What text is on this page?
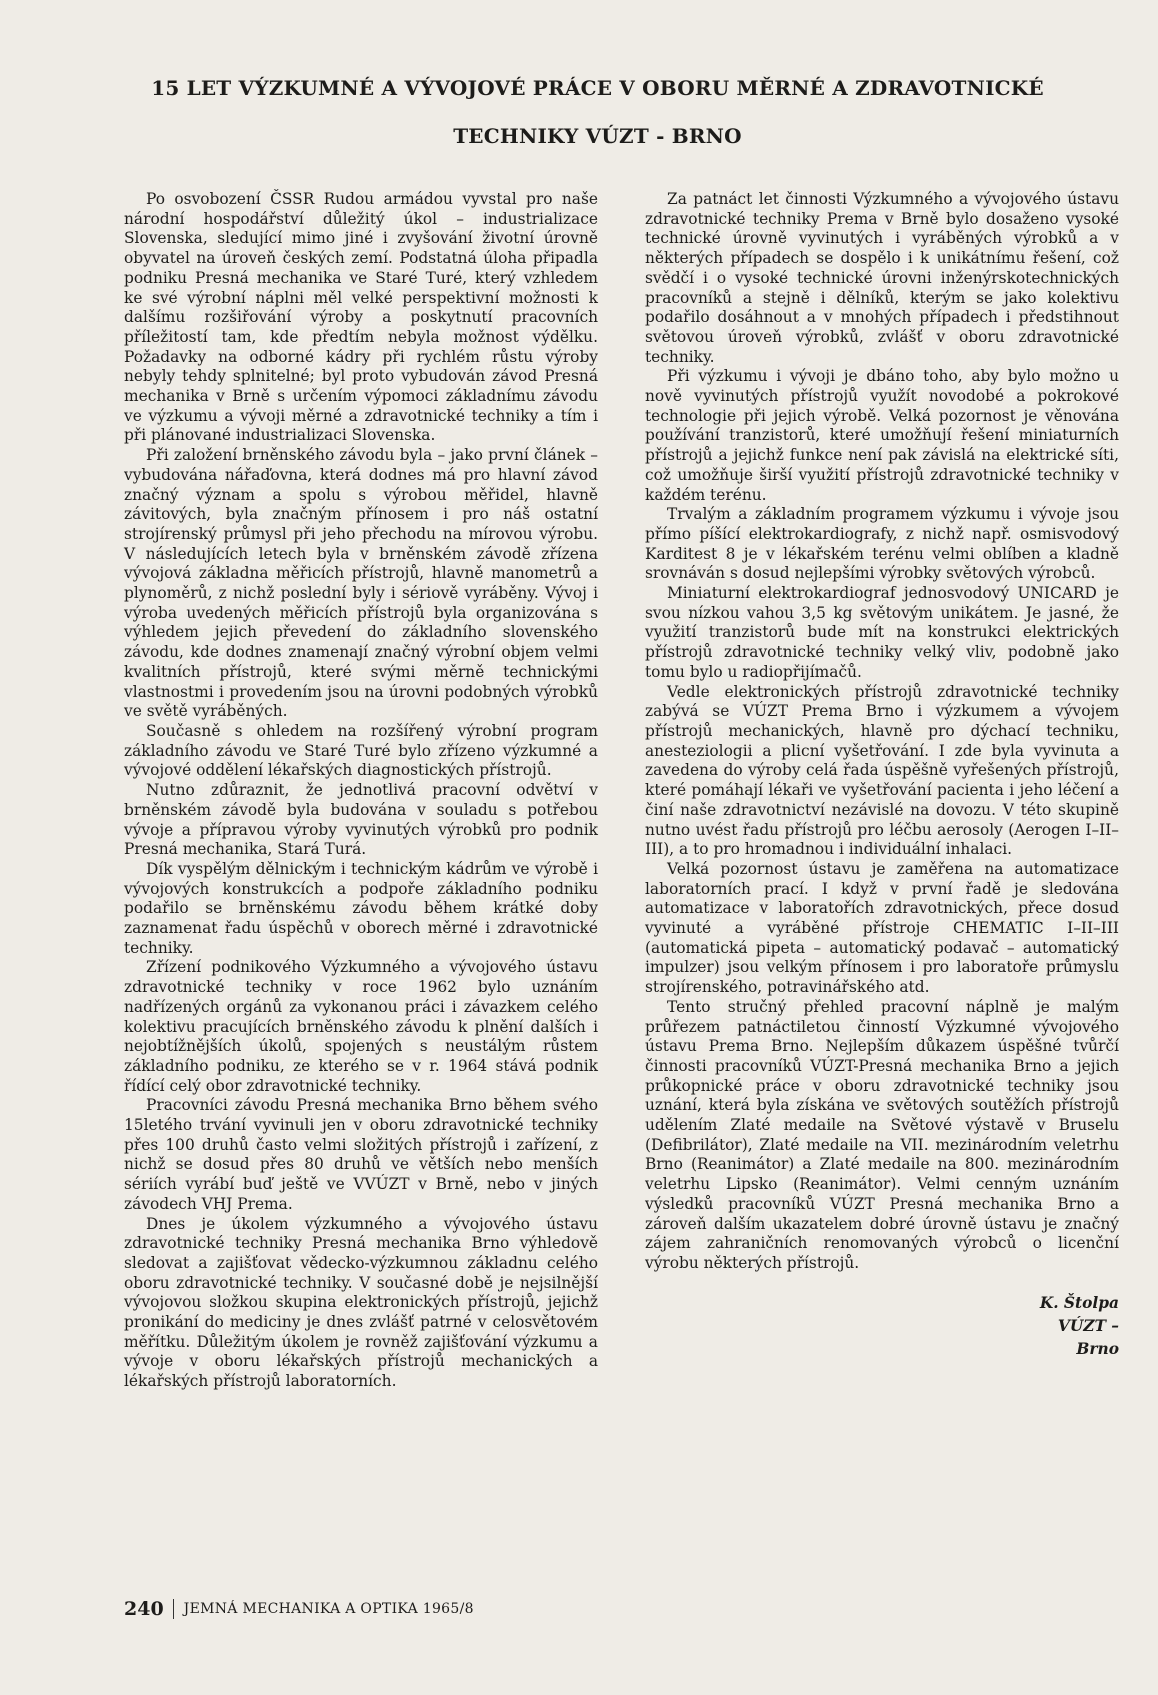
15 LET VÝZKUMNÉ A VÝVOJOVÉ PRÁCE V OBORU MĚRNÉ A ZDRAVOTNICKÉ
TECHNIKY VÚZT - BRNO

Po osvobození ČSSR Rudou armádou vyvstal pro naše národní hospodářství důležitý úkol – industrializace Slovenska, sledující mimo jiné i zvyšování životní úrovně obyvatel na úroveň českých zemí. Podstatná úloha připadla podniku Presná mechanika ve Staré Turé, který vzhledem ke své výrobní náplni měl velké perspektivní možnosti k dalšímu rozšiřování výroby a poskytnutí pracovních příležitostí tam, kde předtím nebyla možnost výdělku. Požadavky na odborné kádry při rychlém růstu výroby nebyly tehdy splnitelné; byl proto vybudován závod Presná mechanika v Brně s určením výpomoci základnímu závodu ve výzkumu a vývoji měrné a zdravotnické techniky a tím i při plánované industrializaci Slovenska.

Při založení brněnského závodu byla – jako první článek – vybudována nářaďovna, která dodnes má pro hlavní závod značný význam a spolu s výrobou měřidel, hlavně závitových, byla značným přínosem i pro náš ostatní strojírenský průmysl při jeho přechodu na mírovou výrobu. V následujících letech byla v brněnském závodě zřízena vývojová základna měřicích přístrojů, hlavně manometrů a plynoměrů, z nichž poslední byly i sériově vyráběny. Vývoj i výroba uvedených měřicích přístrojů byla organizována s výhledem jejich převedení do základního slovenského závodu, kde dodnes znamenají značný výrobní objem velmi kvalitních přístrojů, které svými měrně technickými vlastnostmi i provedením jsou na úrovni podobných výrobků ve světě vyráběných.

Současně s ohledem na rozšířený výrobní program základního závodu ve Staré Turé bylo zřízeno výzkumné a vývojové oddělení lékařských diagnostických přístrojů.

Nutno zdůraznit, že jednotlivá pracovní odvětví v brněnském závodě byla budována v souladu s potřebou vývoje a přípravou výroby vyvinutých výrobků pro podnik Presná mechanika, Stará Turá.

Dík vyspělým dělnickým i technickým kádrům ve výrobě i vývojových konstrukcích a podpoře základního podniku podařilo se brněnskému závodu během krátké doby zaznamenat řadu úspěchů v oborech měrné i zdravotnické techniky.

Zřízení podnikového Výzkumného a vývojového ústavu zdravotnické techniky v roce 1962 bylo uznáním nadřízených orgánů za vykonanou práci i závazkem celého kolektivu pracujících brněnského závodu k plnění dalších i nejobtížnějších úkolů, spojených s neustálým růstem základního podniku, ze kterého se v r. 1964 stává podnik řídící celý obor zdravotnické techniky.

Pracovníci závodu Presná mechanika Brno během svého 15letého trvání vyvinuli jen v oboru zdravotnické techniky přes 100 druhů často velmi složitých přístrojů i zařízení, z nichž se dosud přes 80 druhů ve větších nebo menších sériích vyrábí buď ještě ve VVÚZT v Brně, nebo v jiných závodech VHJ Prema.

Dnes je úkolem výzkumného a vývojového ústavu zdravotnické techniky Presná mechanika Brno výhledově sledovat a zajišťovat vědecko-výzkumnou základnu celého oboru zdravotnické techniky. V současné době je nejsilnější vývojovou složkou skupina elektronických přístrojů, jejichž pronikání do mediciny je dnes zvlášť patrné v celosvětovém měřítku. Důležitým úkolem je rovněž zajišťování výzkumu a vývoje v oboru lékařských přístrojů mechanických a lékařských přístrojů laboratorních.

Za patnáct let činnosti Výzkumného a vývojového ústavu zdravotnické techniky Prema v Brně bylo dosaženo vysoké technické úrovně vyvinutých i vyráběných výrobků a v některých případech se dospělo i k unikátnímu řešení, což svědčí i o vysoké technické úrovni inženýrskotechnických pracovníků a stejně i dělníků, kterým se jako kolektivu podařilo dosáhnout a v mnohých případech i předstihnout světovou úroveň výrobků, zvlášť v oboru zdravotnické techniky.

Při výzkumu i vývoji je dbáno toho, aby bylo možno u nově vyvinutých přístrojů využít novodobé a pokrokové technologie při jejich výrobě. Velká pozornost je věnována používání tranzistorů, které umožňují řešení miniaturních přístrojů a jejichž funkce není pak závislá na elektrické síti, což umožňuje širší využití přístrojů zdravotnické techniky v každém terénu.

Trvalým a základním programem výzkumu i vývoje jsou přímo píšící elektrokardiografy, z nichž např. osmisvodový Karditest 8 je v lékařském terénu velmi oblíben a kladně srovnáván s dosud nejlepšími výrobky světových výrobců.

Miniaturní elektrokardiograf jednosvodový UNICARD je svou nízkou vahou 3,5 kg světovým unikátem. Je jasné, že využití tranzistorů bude mít na konstrukci elektrických přístrojů zdravotnické techniky velký vliv, podobně jako tomu bylo u radiopřijímačů.

Vedle elektronických přístrojů zdravotnické techniky zabývá se VÚZT Prema Brno i výzkumem a vývojem přístrojů mechanických, hlavně pro dýchací techniku, anesteziologii a plicní vyšetřování. I zde byla vyvinuta a zavedena do výroby celá řada úspěšně vyřešených přístrojů, které pomáhají lékaři ve vyšetřování pacienta i jeho léčení a činí naše zdravotnictví nezávislé na dovozu. V této skupině nutno uvést řadu přístrojů pro léčbu aerosoly (Aerogen I–II–III), a to pro hromadnou i individuální inhalaci.

Velká pozornost ústavu je zaměřena na automatizace laboratorních prací. I když v první řadě je sledována automatizace v laboratořích zdravotnických, přece dosud vyvinuté a vyráběné přístroje CHEMATIC I–II–III (automatická pipeta – automatický podavač – automatický impulzer) jsou velkým přínosem i pro laboratoře průmyslu strojírenského, potravinářského atd.

Tento stručný přehled pracovní náplně je malým průřezem patnáctiletou činností Výzkumné vývojového ústavu Prema Brno. Nejlepším důkazem úspěšné tvůrčí činnosti pracovníků VÚZT-Presná mechanika Brno a jejich průkopnické práce v oboru zdravotnické techniky jsou uznání, která byla získána ve světových soutěžích přístrojů udělením Zlaté medaile na Světové výstavě v Bruselu (Defibrilátor), Zlaté medaile na VII. mezinárodním veletrhu Brno (Reanimátor) a Zlaté medaile na 800. mezinárodním veletrhu Lipsko (Reanimátor). Velmi cenným uznáním výsledků pracovníků VÚZT Presná mechanika Brno a zároveň dalším ukazatelem dobré úrovně ústavu je značný zájem zahraničních renomovaných výrobců o licenční výrobu některých přístrojů.

K. Štolpa
VÚZT –
Brno
240 JEMNÁ MECHANIKA A OPTIKA 1965/8
